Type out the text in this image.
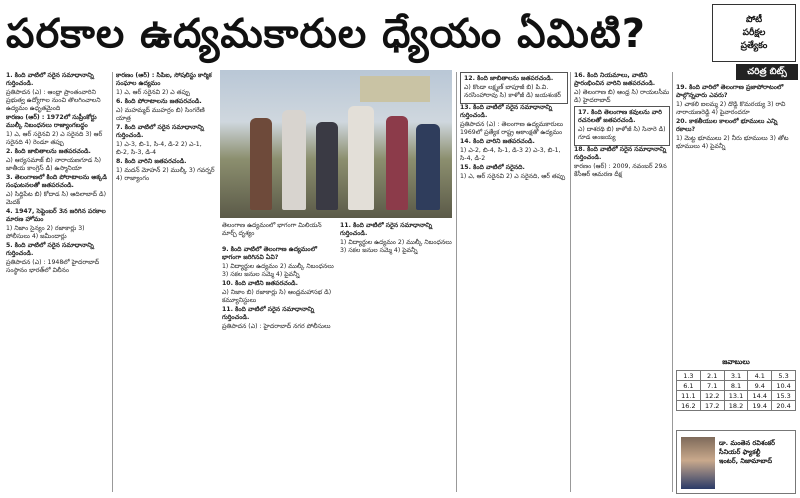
పరకాల ఉద్యమకారుల ధ్యేయం ఏమిటి?	పోటీ
పరీక్షల
ప్రత్యేకం
చరిత్ర బిట్స్

1. కింది వాటిలో సరైన సమాధానాన్ని గుర్తించండి.

ప్రతిపాదన (ఎ) : ఆంధ్రా ప్రాంతంవారిని ప్రభుత్వ ఉద్యోగాల నుంచి తొలగించాలని ఉద్యమం ఉధృతమైంది

కారణం (ఆర్) : 1972లో సుప్రీంకోర్టు ముల్కీ నిబంధనలు రాజ్యాంగబద్ధం

1) ఎ, ఆర్ సరైనవి 2) ఎ సరైనది 3) ఆర్ సరైనది 4) రెండూ తప్పు

2. కింది జాబితాలను జతపరచండి.

ఎ) ఆర్యసమాజ్ బి) నారాయణగూడ సి) జాతీయ కాంగ్రెస్ డి) ఉస్మానియా

3. తెలంగాణలో కింది పోరాటాలను అక్కడి సంఘటనలతో జతపరచండి.

ఎ) సిద్దిపేట బి) కోదాడ సి) ఆదిలాబాద్ డి) మెదక్

4. 1947, సెప్టెంబర్ 3న జరిగిన పరకాల మారణ హోమం

1) నిజాం సైన్యం 2) రజాకార్లు 3) పోలీసులు 4) జమీందార్లు

5. కింది వాటిలో సరైన సమాధానాన్ని గుర్తించండి.

ప్రతిపాదన (ఎ) : 1948లో హైదరాబాద్ సంస్థానం భారత్‌లో విలీనం

కారణం (ఆర్) : సిపిఐ, సోషలిస్టు కార్మిక సంఘాల ఉద్యమం

1) ఎ, ఆర్ సరైనవి 2) ఎ తప్పు

6. కింది పోరాటాలను జతపరచండి.

ఎ) మహమ్మద్ ముహర్రం బి) సింగరేణి యాత్ర

7. కింది వాటిలో సరైన సమాధానాన్ని గుర్తించండి.

1) ఎ-3, బి-1, సి-4, డి-2 2) ఎ-1, బి-2, సి-3, డి-4

8. కింది వారిని జతపరచండి.

1) మదన్ మోహన్ 2) ముల్కీ 3) గవర్నర్ 4) రాజ్యాంగం

తెలంగాణ ఉద్యమంలో భాగంగా మిలియన్ మార్చ్ దృశ్యం

9. కింది వాటిలో తెలంగాణ ఉద్యమంలో భాగంగా జరిగినవి ఏవి?

1) విద్యార్థుల ఉద్యమం 2) ముల్కీ నిబంధనలు 3) సకల జనుల సమ్మె 4) పైవన్నీ

10. కింది వాటిని జతపరచండి.

ఎ) నిజాం బి) రజాకార్లు సి) ఆంధ్రమహాసభ డి) కమ్యూనిస్టులు

11. కింది వాటిలో సరైన సమాధానాన్ని గుర్తించండి.

ప్రతిపాదన (ఎ) : హైదరాబాద్ నగర పోలీసులు

11. కింది వాటిలో సరైన సమాధానాన్ని గుర్తించండి.

1) విద్యార్థుల ఉద్యమం 2) ముల్కీ నిబంధనలు 3) సకల జనుల సమ్మె 4) పైవన్నీ

12. కింది జాబితాలను జతపరచండి.

ఎ) కొండా లక్ష్మణ్ బాపూజీ బి) పి.వి. నరసింహారావు సి) కాళోజీ డి) జయశంకర్

13. కింది వాటిలో సరైన సమాధానాన్ని గుర్తించండి.

ప్రతిపాదన (ఎ) : తెలంగాణ ఉద్యమకారులు 1969లో ప్రత్యేక రాష్ట్ర ఆకాంక్షతో ఉద్యమం

14. కింది వారిని జతపరచండి.

1) ఎ-2, బి-4, సి-1, డి-3 2) ఎ-3, బి-1, సి-4, డి-2

15. కింది వాటిలో సరైనది.

1) ఎ, ఆర్ సరైనవి 2) ఎ సరైనది, ఆర్ తప్పు

16. కింది నియమాలు, వాటిని ప్రారంభించిన వారిని జతపరచండి.

ఎ) తెలంగాణ బి) ఆంధ్ర సి) రాయలసీమ డి) హైదరాబాద్

17. కింది తెలంగాణ కవులను వారి రచనలతో జతపరచండి.

ఎ) దాశరథి బి) కాళోజీ సి) సినారె డి) గూడ అంజయ్య

18. కింది వాటిలో సరైన సమాధానాన్ని గుర్తించండి.

కారణం (ఆర్) : 2009, నవంబర్ 29న కేసీఆర్ ఆమరణ దీక్ష

19. కింది వారిలో తెలంగాణ ప్రజాపోరాటంలో పాల్గొన్నవారు ఎవరు?

1) చాకలి ఐలమ్మ 2) దొడ్డి కొమరయ్య 3) రావి నారాయణరెడ్డి 4) పైవారందరూ

20. కాకతీయుల కాలంలో భూములు ఎన్ని రకాలు?

1) మెట్ట భూములు 2) నీరు భూములు 3) తోట భూములు 4) పైవన్నీ

జవాబులు
1.3	2.1	3.1	4.1	5.3
6.1	7.1	8.1	9.4	10.4
11.1	12.2	13.1	14.4	15.3
16.2	17.2	18.2	19.4	20.4
డా. మంతెన రవిశంకర్
సీనియర్ ఫ్యాకల్టీ
ఇంటర్, నిజామాబాద్
